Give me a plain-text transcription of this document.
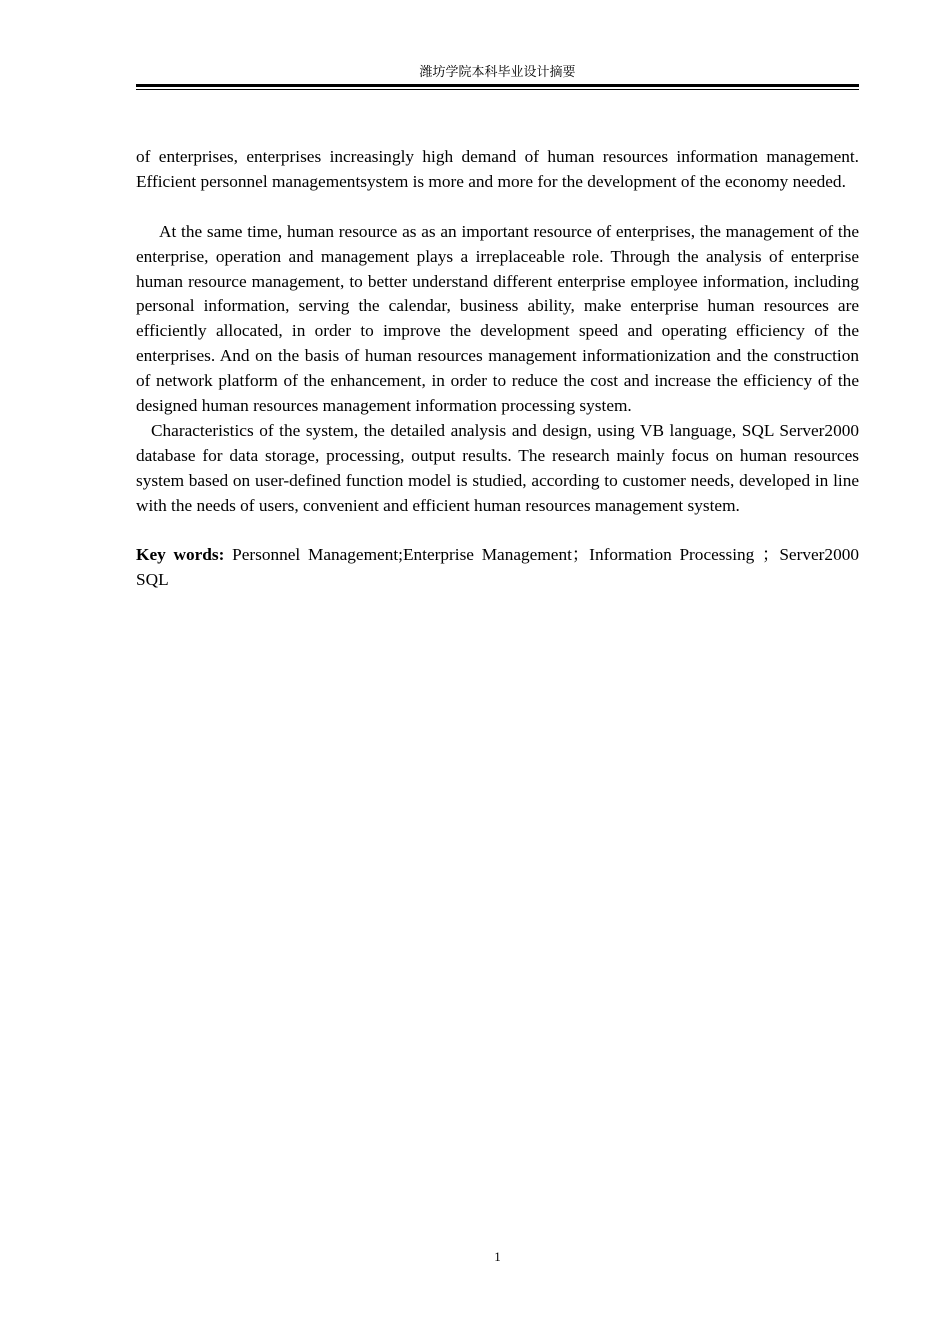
潍坊学院本科毕业设计摘要

of enterprises, enterprises increasingly high demand of human resources information management. Efficient personnel managementsystem is more and more for the development of the economy needed.

At the same time, human resource as as an important resource of enterprises, the management of the enterprise, operation and management plays a irreplaceable role. Through the analysis of enterprise human resource management, to better understand different enterprise employee information, including personal information, serving the calendar, business ability, make enterprise human resources are efficiently allocated, in order to improve the development speed and operating efficiency of the enterprises. And on the basis of human resources management informationization and the construction of network platform of the enhancement, in order to reduce the cost and increase the efficiency of the designed human resources management information processing system.

Characteristics of the system, the detailed analysis and design, using VB language, SQL Server2000 database for data storage, processing, output results. The research mainly focus on human resources system based on user-defined function model is studied, according to customer needs, developed in line with the needs of users, convenient and efficient human resources management system.

Key words: Personnel Management;Enterprise Management；Information Processing ；Server2000 SQL

1
